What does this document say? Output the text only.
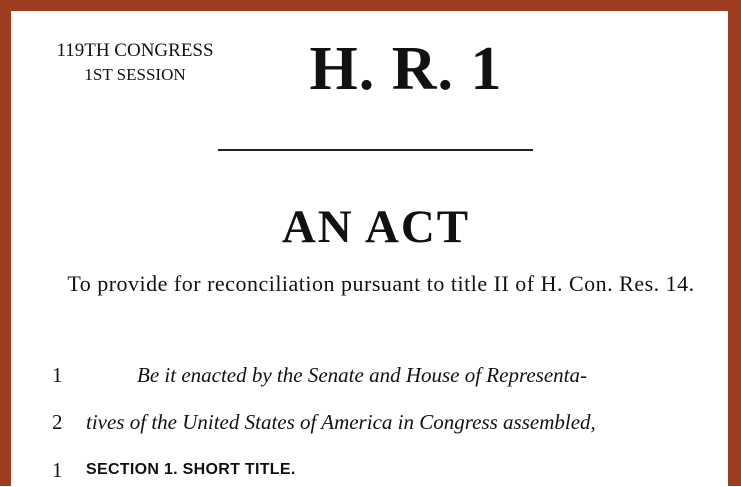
119TH CONGRESS
1ST SESSION	H. R. 1
AN ACT
To provide for reconciliation pursuant to title II of H. Con. Res. 14.
1	Be it enacted by the Senate and House of Representa-
2	tives of the United States of America in Congress assembled,
1	SECTION 1. SHORT TITLE.
